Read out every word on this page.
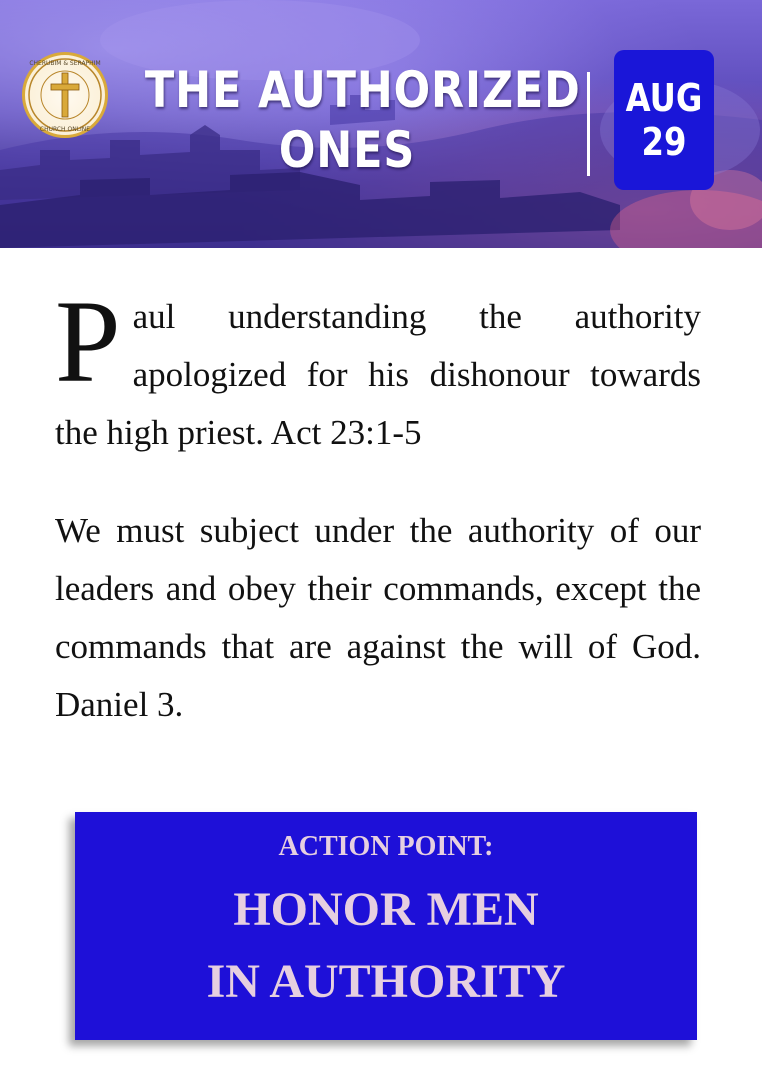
CHERUBIM & SERAPHIM
CHURCH ONLINE
THE AUTHORIZED
ONES
AUG
29

Paul understanding the authority apologized for his dishonour towards the high priest. Act 23:1-5

We must subject under the authority of our leaders and obey their commands, except the commands that are against the will of God. Daniel 3.

ACTION POINT:
HONOR MEN
IN AUTHORITY
